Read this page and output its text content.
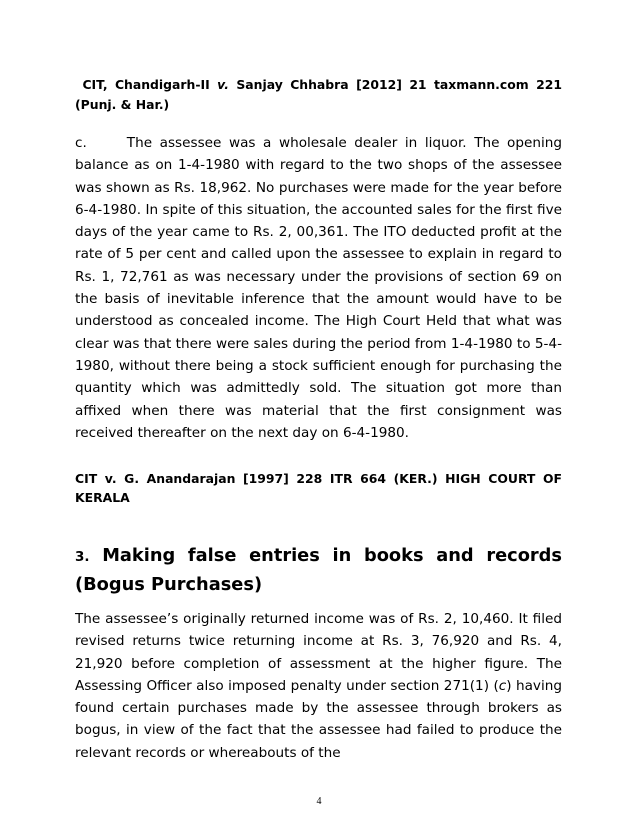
CIT, Chandigarh-II v. Sanjay Chhabra [2012] 21 taxmann.com 221 (Punj. & Har.)

c.	The assessee was a wholesale dealer in liquor. The opening balance as on 1-4-1980 with regard to the two shops of the assessee was shown as Rs. 18,962. No purchases were made for the year before 6-4-1980. In spite of this situation, the accounted sales for the first five days of the year came to Rs. 2, 00,361. The ITO deducted profit at the rate of 5 per cent and called upon the assessee to explain in regard to Rs. 1, 72,761 as was necessary under the provisions of section 69 on the basis of inevitable inference that the amount would have to be understood as concealed income. The High Court Held that what was clear was that there were sales during the period from 1-4-1980 to 5-4-1980, without there being a stock sufficient enough for purchasing the quantity which was admittedly sold. The situation got more than affixed when there was material that the first consignment was received thereafter on the next day on 6-4-1980.

CIT v. G. Anandarajan [1997] 228 ITR 664 (KER.) HIGH COURT OF KERALA

3. Making false entries in books and records (Bogus Purchases)

The assessee’s originally returned income was of Rs. 2, 10,460. It filed revised returns twice returning income at Rs. 3, 76,920 and Rs. 4, 21,920 before completion of assessment at the higher figure. The Assessing Officer also imposed penalty under section 271(1) (c) having found certain purchases made by the assessee through brokers as bogus, in view of the fact that the assessee had failed to produce the relevant records or whereabouts of the

4
